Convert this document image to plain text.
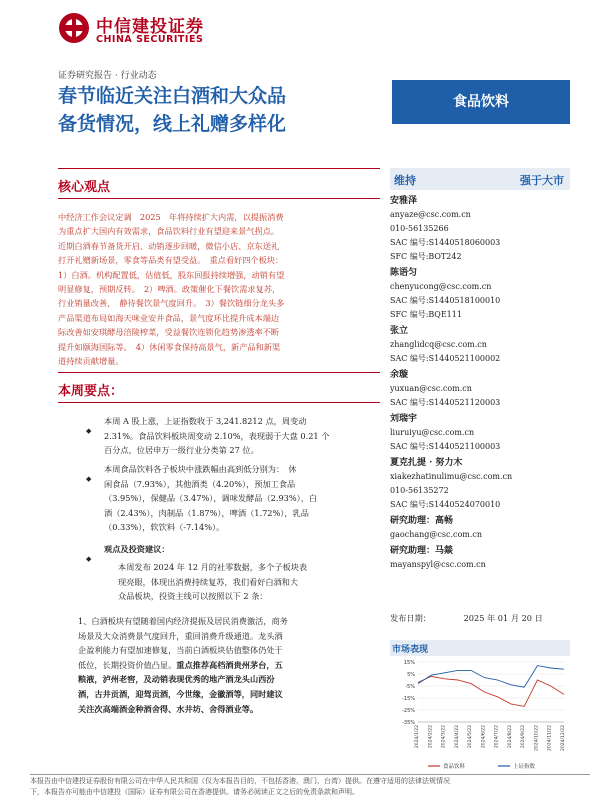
中信建投证券
CHINA SECURITIES
证券研究报告 · 行业动态
春节临近关注白酒和大众品
备货情况，线上礼赠多样化
食品饮料
核心观点
中经济工作会议定调　2025　年将持续扩大内需，以提振消费
为重点扩大国内有效需求，食品饮料行业有望迎来景气拐点。
近期白酒春节备货开启、动销逐步回暖，微信小店、京东送礼
打开礼赠新场景，零食等品类有望受益。　重点看好四个板块：
1）白酒。机构配置低，估值低，股东回报持续增强，动销有望
明显修复，预期反转。　2）啤酒。政策催化下餐饮需求复苏，
行业销量改善，　静待餐饮景气度回升。　3）餐饮链细分龙头多
产品渠道布局如海天味业安井食品，景气度环比提升成本端边
际改善如安琪酵母涪陵榨菜，受益餐饮连锁化趋势渗透率不断
提升如颐海国际等。　4）休闲零食保持高景气，新产品和新渠
道持续贡献增量。
本周要点：
◆
本周 A 股上涨，上证指数收于 3,241.8212 点，周变动
2.31%。食品饮料板块周变动 2.10%，表现弱于大盘 0.21 个
百分点，位居申万一级行业分类第 27 位。
◆
本周食品饮料各子板块中涨跌幅由高到低分别为：　休
闲食品（7.93%），其他酒类（4.20%），预加工食品
（3.95%），保健品（3.47%），调味发酵品（2.93%），白
酒（2.43%），肉制品（1.87%），啤酒（1.72%），乳品
（0.33%），软饮料（-7.14%）。
◆
观点及投资建议：
本周发布 2024 年 12 月的社零数据，多个子板块表
现亮眼，体现出消费持续复苏，我们看好白酒和大
众品板块，投资主线可以按照以下 2 条：
1、白酒板块有望随着国内经济提振及居民消费激活，商务
场景及大众消费景气度回升，重回消费升级通道。龙头酒
企盈利能力有望加速修复，当前白酒板块估值整体仍处于
低位，长期投资价值凸显。重点推荐高档酒贵州茅台，五
粮液，泸州老窖，及动销表现优秀的地产酒龙头山西汾
酒，古井贡酒，迎驾贡酒，今世缘，金徽酒等，同时建议
关注次高端酒金种酒舍得、水井坊、舍得酒业等。
维持	强于大市
安雅泽
anyaze@csc.com.cn
010-56135266
SAC 编号:S1440518060003
SFC 编号:BOT242
陈语匀
chenyucong@csc.com.cn
SAC 编号:S1440518100010
SFC 编号:BQE111
张立
zhanglidcq@csc.com.cn
SAC 编号:S1440521100002
余璇
yuxuan@csc.com.cn
SAC 编号:S1440521120003
刘瑞宇
liuruiyu@csc.com.cn
SAC 编号:S1440521100003
夏克扎提 · 努力木
xiakezhatinulimu@csc.com.cn
010-56135272
SAC 编号:S1440524070010
研究助理：高畅
gaochang@csc.com.cn
研究助理：马燚
mayanspyl@csc.com.cn
发布日期：	2025 年 01 月 20 日
市场表现
15%
5%
-5%
-15%
-25%
-35%
2024/1/22 2024/2/22 2024/3/22 2024/4/22 2024/5/22 2024/6/22 2024/7/22 2024/8/22 2024/9/22 2024/10/22 2024/11/22 2024/12/22
食品饮料	上证指数
本报告由中信建投证券股份有限公司在中华人民共和国（仅为本报告目的，不包括香港、澳门、台湾）提供。在遵守适用的法律法规情况
下，本报告亦可能由中信建投（国际）证券有限公司在香港提供。请务必阅读正文之后的免责条款和声明。
